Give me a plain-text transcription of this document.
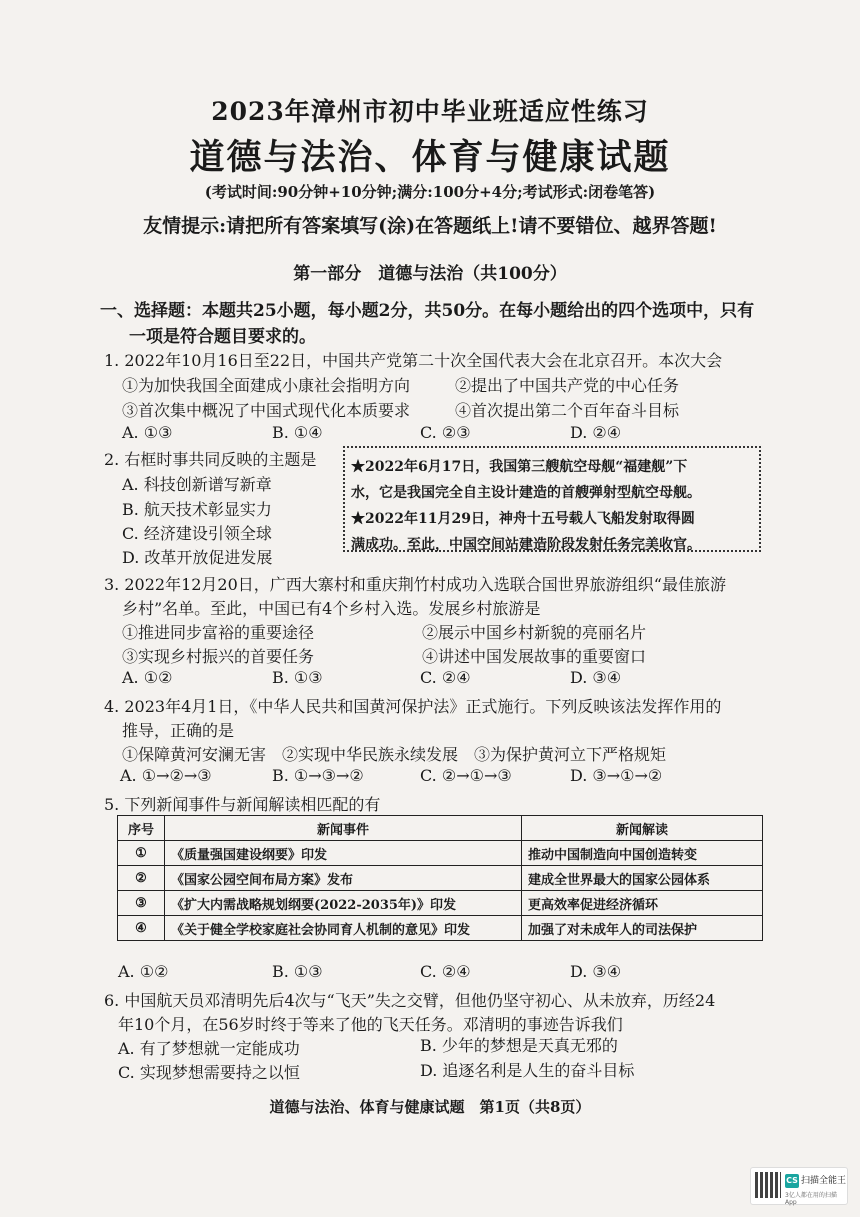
2023年漳州市初中毕业班适应性练习
道德与法治、体育与健康试题
(考试时间:90分钟+10分钟;满分:100分+4分;考试形式:闭卷笔答)
友情提示:请把所有答案填写(涂)在答题纸上!请不要错位、越界答题!
第一部分　道德与法治（共100分）
一、选择题：本题共25小题，每小题2分，共50分。在每小题给出的四个选项中，只有
一项是符合题目要求的。
1. 2022年10月16日至22日，中国共产党第二十次全国代表大会在北京召开。本次大会
①为加快我国全面建成小康社会指明方向	②提出了中国共产党的中心任务
③首次集中概况了中国式现代化本质要求	④首次提出第二个百年奋斗目标
A. ①③	B. ①④	C. ②③	D. ②④
2. 右框时事共同反映的主题是
A. 科技创新谱写新章
B. 航天技术彰显实力
C. 经济建设引领全球
D. 改革开放促进发展
★2022年6月17日，我国第三艘航空母舰“福建舰”下
水，它是我国完全自主设计建造的首艘弹射型航空母舰。
★2022年11月29日，神舟十五号载人飞船发射取得圆
满成功。至此，中国空间站建造阶段发射任务完美收官。
3. 2022年12月20日，广西大寨村和重庆荆竹村成功入选联合国世界旅游组织“最佳旅游
乡村”名单。至此，中国已有4个乡村入选。发展乡村旅游是
①推进同步富裕的重要途径	②展示中国乡村新貌的亮丽名片
③实现乡村振兴的首要任务	④讲述中国发展故事的重要窗口
A. ①②	B. ①③	C. ②④	D. ③④
4. 2023年4月1日，《中华人民共和国黄河保护法》正式施行。下列反映该法发挥作用的
推导，正确的是
①保障黄河安澜无害　②实现中华民族永续发展　③为保护黄河立下严格规矩
A. ①→②→③	B. ①→③→②	C. ②→①→③	D. ③→①→②
5. 下列新闻事件与新闻解读相匹配的有
序号	新闻事件	新闻解读
①	《质量强国建设纲要》印发	推动中国制造向中国创造转变
②	《国家公园空间布局方案》发布	建成全世界最大的国家公园体系
③	《扩大内需战略规划纲要(2022-2035年)》印发	更高效率促进经济循环
④	《关于健全学校家庭社会协同育人机制的意见》印发	加强了对未成年人的司法保护
A. ①②	B. ①③	C. ②④	D. ③④
6. 中国航天员邓清明先后4次与“飞天”失之交臂，但他仍坚守初心、从未放弃，历经24
年10个月，在56岁时终于等来了他的飞天任务。邓清明的事迹告诉我们
A. 有了梦想就一定能成功	B. 少年的梦想是天真无邪的
C. 实现梦想需要持之以恒	D. 追逐名利是人生的奋斗目标
道德与法治、体育与健康试题　第1页（共8页）
CS 扫描全能王
3亿人都在用的扫描App
